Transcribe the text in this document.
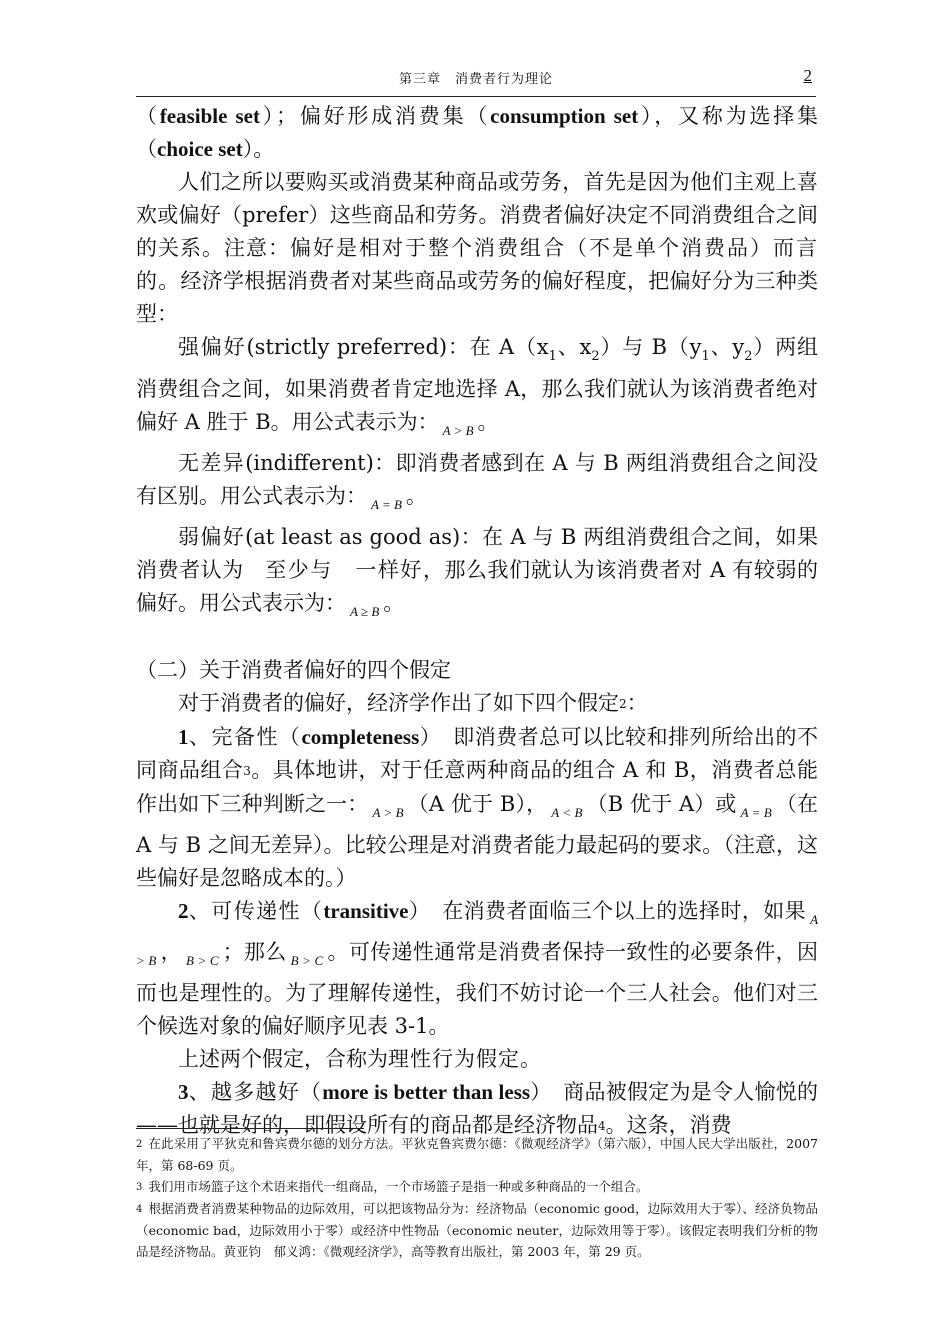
第三章　消费者行为理论	2

（feasible set）；偏好形成消费集（consumption set），又称为选择集（choice set）。

人们之所以要购买或消费某种商品或劳务，首先是因为他们主观上喜欢或偏好（prefer）这些商品和劳务。消费者偏好决定不同消费组合之间的关系。注意：偏好是相对于整个消费组合（不是单个消费品）而言的。经济学根据消费者对某些商品或劳务的偏好程度，把偏好分为三种类型：

强偏好(strictly preferred)：在 $A(x_1$、$x_2$）与 $B(y_1$、$y_2$）两组消费组合之间，如果消费者肯定地选择 A，那么我们就认为该消费者绝对偏好 A 胜于 B。用公式表示为： $_{A > B}$ 。

无差异(indifferent)：即消费者感到在 A 与 B 两组消费组合之间没有区别。用公式表示为： $_{A = B}$ 。

弱偏好(at least as good as)：在 A 与 B 两组消费组合之间，如果消费者认为　至少与　一样好，那么我们就认为该消费者对 A 有较弱的偏好。用公式表示为： $_{A \ge B}$ 。

（二）关于消费者偏好的四个假定

对于消费者的偏好，经济学作出了如下四个假定2：

1、完备性（completeness）　即消费者总可以比较和排列所给出的不同商品组合3。具体地讲，对于任意两种商品的组合 A 和 B，消费者总能作出如下三种判断之一： $_{A > B}$ （A 优于 B）， $_{A < B}$ （B 优于 A）或 $_{A = B}$ （在 A 与 B 之间无差异）。比较公理是对消费者能力最起码的要求。（注意，这些偏好是忽略成本的。）

2、可传递性（transitive）　在消费者面临三个以上的选择时，如果 $_{A > B}$ ， $_{B > C}$ ；那么 $_{B > C}$ 。可传递性通常是消费者保持一致性的必要条件，因而也是理性的。为了理解传递性，我们不妨讨论一个三人社会。他们对三个候选对象的偏好顺序见表 3-1。

上述两个假定，合称为理性行为假定。

3、越多越好（more is better than less）　商品被假定为是令人愉悦的——也就是好的，即假设所有的商品都是经济物品4。这条，消费

2 在此采用了平狄克和鲁宾费尔德的划分方法。平狄克鲁宾费尔德：《微观经济学》（第六版），中国人民大学出版社，2007年，第 68-69 页。

3 我们用市场篮子这个术语来指代一组商品，一个市场篮子是指一种或多种商品的一个组合。

4 根据消费者消费某种物品的边际效用，可以把该物品分为：经济物品（economic good，边际效用大于零）、经济负物品（economic bad，边际效用小于零）或经济中性物品（economic neuter，边际效用等于零）。该假定表明我们分析的物品是经济物品。黄亚钧　郁义鸿：《微观经济学》，高等教育出版社，第 2003 年，第 29 页。
